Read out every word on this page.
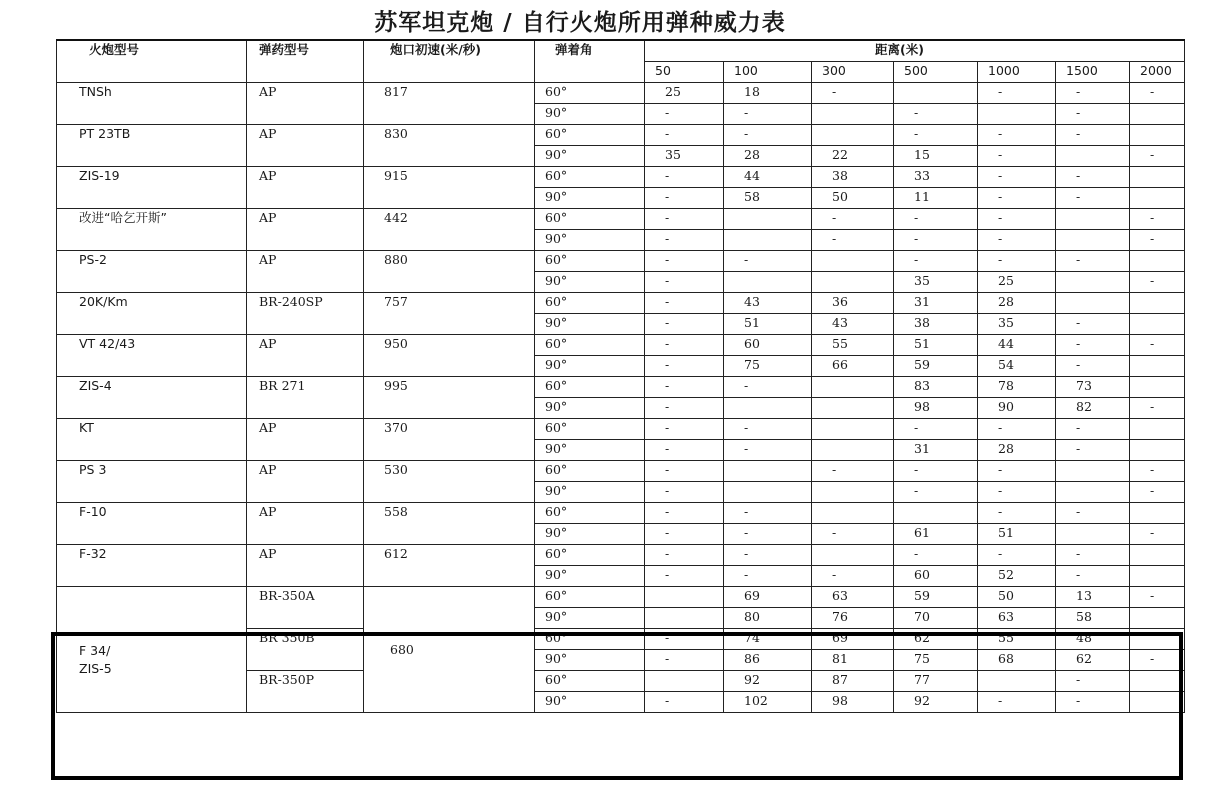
苏军坦克炮 / 自行火炮所用弹种威力表
火炮型号	弹药型号	炮口初速(米/秒)	弹着角	距离(米)						
				50	100	300	500	1000	1500	2000
TNSh	AP	817	60°	25	18	-		-	-	-
			90°	-	-		-		-	
PT 23TB	AP	830	60°	-	-		-	-	-	
			90°	35	28	22	15	-		-
ZIS-19	AP	915	60°	-	44	38	33	-	-	
			90°	-	58	50	11	-	-	
改进“哈乞开斯”	AP	442	60°	-		-	-	-		-
			90°	-		-	-	-		-
PS-2	AP	880	60°	-	-		-	-	-	
			90°	-			35	25		-
20K/Km	BR-240SP	757	60°	-	43	36	31	28		
			90°	-	51	43	38	35	-	
VT 42/43	AP	950	60°	-	60	55	51	44	-	-
			90°	-	75	66	59	54	-	
ZIS-4	BR 271	995	60°	-	-		83	78	73	
			90°	-			98	90	82	-
KT	AP	370	60°	-	-		-	-	-	
			90°	-	-		31	28	-	
PS 3	AP	530	60°	-		-	-	-		-
			90°	-			-	-		-
F-10	AP	558	60°	-	-			-	-	
			90°	-	-	-	61	51		-
F-32	AP	612	60°	-	-		-	-	-	
			90°	-	-	-	60	52	-	

F 34/
ZIS-5	BR-350A	680	60°		69	63	59	50	13	-
			90°		80	76	70	63	58	
	BR 350B		60°	-	74	69	62	55	48	
			90°	-	86	81	75	68	62	-
	BR-350P		60°		92	87	77		-	
			90°	-	102	98	92	-	-	
